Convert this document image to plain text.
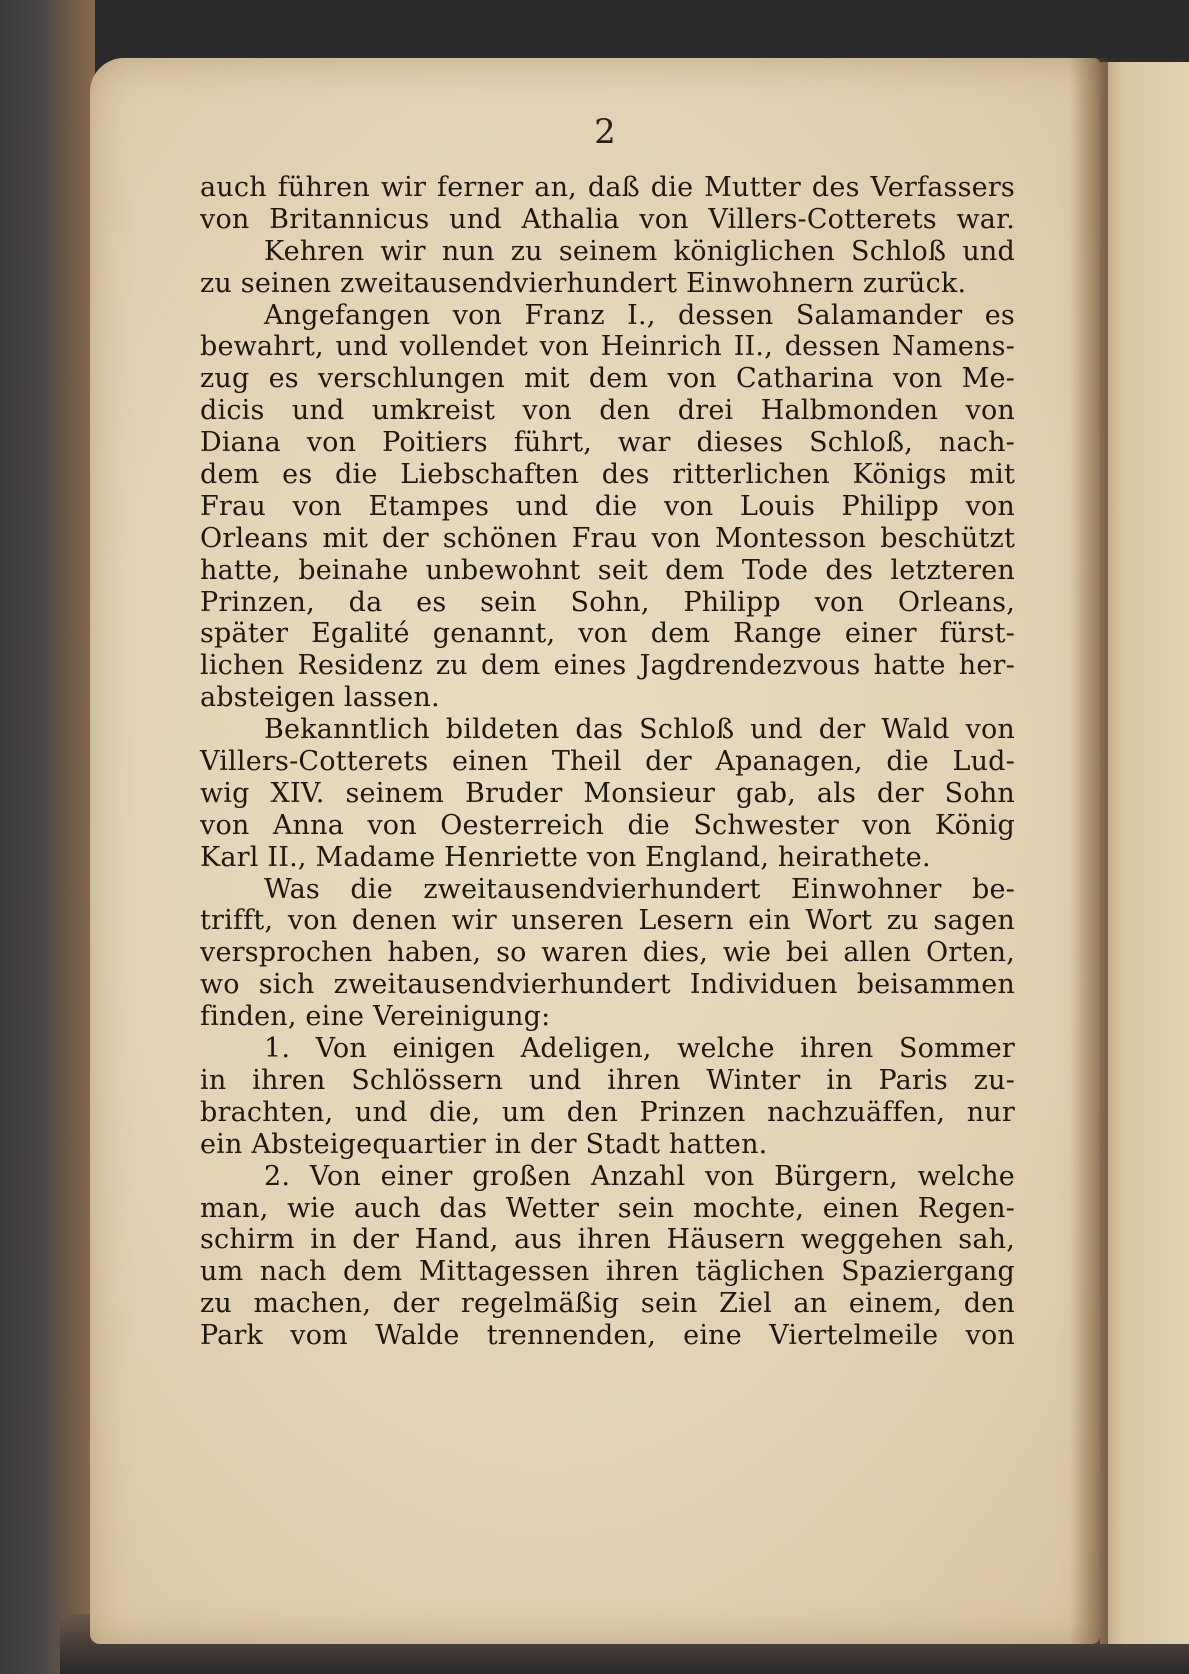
2
auch führen wir ferner an, daß die Mutter des Verfassers
von Britannicus und Athalia von Villers-Cotterets war.
Kehren wir nun zu seinem königlichen Schloß und
zu seinen zweitausendvierhundert Einwohnern zurück.
Angefangen von Franz I., dessen Salamander es
bewahrt, und vollendet von Heinrich II., dessen Namens-
zug es verschlungen mit dem von Catharina von Me-
dicis und umkreist von den drei Halbmonden von
Diana von Poitiers führt, war dieses Schloß, nach-
dem es die Liebschaften des ritterlichen Königs mit
Frau von Etampes und die von Louis Philipp von
Orleans mit der schönen Frau von Montesson beschützt
hatte, beinahe unbewohnt seit dem Tode des letzteren
Prinzen, da es sein Sohn, Philipp von Orleans,
später Egalité genannt, von dem Range einer fürst-
lichen Residenz zu dem eines Jagdrendezvous hatte her-
absteigen lassen.
Bekanntlich bildeten das Schloß und der Wald von
Villers-Cotterets einen Theil der Apanagen, die Lud-
wig XIV. seinem Bruder Monsieur gab, als der Sohn
von Anna von Oesterreich die Schwester von König
Karl II., Madame Henriette von England, heirathete.
Was die zweitausendvierhundert Einwohner be-
trifft, von denen wir unseren Lesern ein Wort zu sagen
versprochen haben, so waren dies, wie bei allen Orten,
wo sich zweitausendvierhundert Individuen beisammen
finden, eine Vereinigung:
1. Von einigen Adeligen, welche ihren Sommer
in ihren Schlössern und ihren Winter in Paris zu-
brachten, und die, um den Prinzen nachzuäffen, nur
ein Absteigequartier in der Stadt hatten.
2. Von einer großen Anzahl von Bürgern, welche
man, wie auch das Wetter sein mochte, einen Regen-
schirm in der Hand, aus ihren Häusern weggehen sah,
um nach dem Mittagessen ihren täglichen Spaziergang
zu machen, der regelmäßig sein Ziel an einem, den
Park vom Walde trennenden, eine Viertelmeile von
